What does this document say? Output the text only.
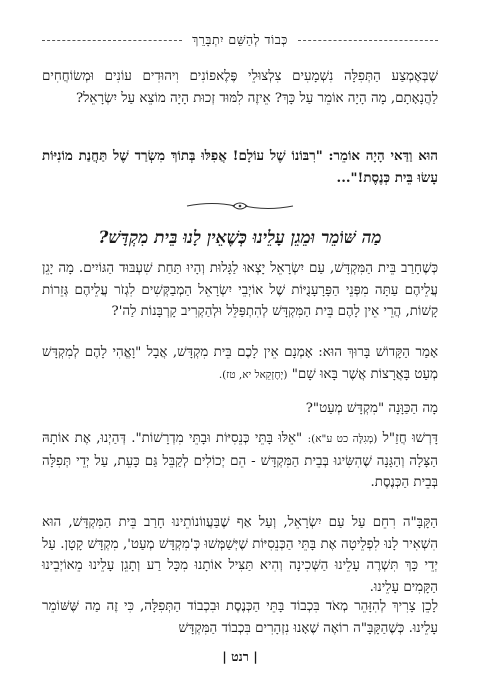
כְּבוֹד לְהַשֵּׁם יִתְבָּרֵךְ

שֶׁבְּאֶמְצַע הַתְּפִלָּה נִשְׁמָעִים צִלְצוּלֵי פֶּלֶאפוֹנִים וִיהוּדִים עוֹנִים וּמְשׂוֹחֲחִים לַהֲנָאָתָם, מָה הָיָה אוֹמֵר עַל כָּךְ? אֵיזֶה לִמּוּד זְכוּת הָיָה מוֹצֵא עַל יִשְׂרָאֵל?

הוּא וַדַּאי הָיָה אוֹמֵר: "רִבּוֹנוֹ שֶׁל עוֹלָם! אֲפִלּוּ בְּתוֹךְ מִשְׂרַד שֶׁל תַּחֲנַת מוֹנִיּוֹת עָשׂוּ בֵּית כְּנֶסֶת!"...

מַה שּׁוֹמֵר וּמֵגֵן עָלֵינוּ כְּשֶׁאֵין לָנוּ בֵּית מִקְדָּשׁ?

כְּשֶׁחָרַב בֵּית הַמִּקְדָּשׁ, עַם יִשְׂרָאֵל יָצְאוּ לַגָּלוּת וְהָיוּ תַּחַת שִׁעְבּוּד הַגּוֹיִים. מָה יָגֵן עֲלֵיהֶם עַתָּה מִפְּנֵי הַפָּרָעָנֻיּוֹת שֶׁל אוֹיְבֵי יִשְׂרָאֵל הַמְבַקְּשִׁים לִגְזֹר עֲלֵיהֶם גְּזֵרוֹת קָשׁוֹת, הֲרֵי אֵין לָהֶם בֵּית הַמִּקְדָּשׁ לְהִתְפַּלֵּל וּלְהַקְרִיב קָרְבָּנוֹת לַה'?

אָמַר הַקָּדוֹשׁ בָּרוּךְ הוּא: אָמְנָם אֵין לָכֶם בֵּית מִקְדָּשׁ, אֲבָל "וָאֱהִי לָהֶם לְמִקְדָּשׁ מְעַט בָּאֲרָצוֹת אֲשֶׁר בָּאוּ שָׁם" (יְחֶזְקֵאל יא, טז).

מָה הַכַּוָּנָה "מִקְדָּשׁ מְעַט"?

דָּרְשׁוּ חֲזַ"ל (מְגִלָּה כט ע"א): "אֵלּוּ בָּתֵּי כְּנֵסִיּוֹת וּבָתֵּי מִדְרָשׁוֹת". דְּהַיְנוּ, אֶת אוֹתָהּ הַצָּלָה וְהַגָּנָה שֶׁהִשִּׂיגוּ בְּבֵית הַמִּקְדָּשׁ - הֵם יְכוֹלִים לְקַבֵּל גַּם כָּעֵת, עַל יְדֵי תְּפִלָּה בְּבֵית הַכְּנֶסֶת.

הַקָּבָּ"ה רִחֵם עַל עַם יִשְׂרָאֵל, וְעַל אַף שֶׁבַּעֲווֹנוֹתֵינוּ חָרַב בֵּית הַמִּקְדָּשׁ, הוּא הִשְׁאִיר לָנוּ לִפְלֵיטָה אֶת בָּתֵּי הַכְּנֵסִיּוֹת שֶׁיְּשַׁמְּשׁוּ כְּ'מִקְדָּשׁ מְעַט', מִקְדָּשׁ קָטָן. עַל יְדֵי כָּךְ תִּשְׁרֶה עָלֵינוּ הַשְּׁכִינָה וְהִיא תַּצִּיל אוֹתָנוּ מִכָּל רַע וְתָגֵן עָלֵינוּ מֵאוֹיְבֵינוּ הַקָּמִים עָלֵינוּ.

לָכֵן צָרִיךְ לְהִזָּהֵר מְאֹד בִּכְבוֹד בָּתֵּי הַכְּנֶסֶת וּבִכְבוֹד הַתְּפִלָּה, כִּי זֶה מַה שֶּׁשּׁוֹמֵר עָלֵינוּ. כְּשֶׁהַקָּבָּ"ה רוֹאֶה שֶׁאָנוּ נִזְהָרִים בִּכְבוֹד הַמִּקְדָּשׁ

| רנט |
